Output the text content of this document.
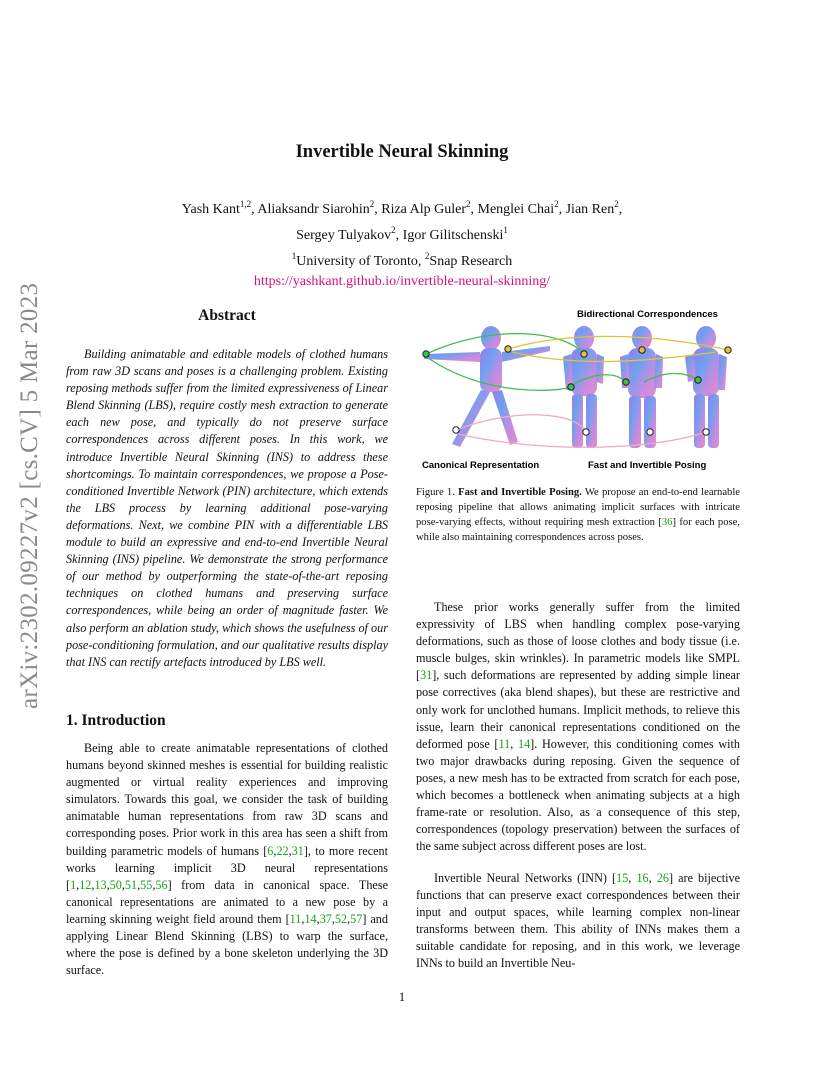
arXiv:2302.09227v2 [cs.CV] 5 Mar 2023
Invertible Neural Skinning
Yash Kant$^{1,2}$, Aliaksandr Siarohin$^2$, Riza Alp Guler$^2$, Menglei Chai$^2$, Jian Ren$^2$,
Sergey Tulyakov$^2$, Igor Gilitschenski$^1$
$^1$University of Toronto, $^2$Snap Research
https://yashkant.github.io/invertible-neural-skinning/
Abstract
Building animatable and editable models of clothed humans from raw 3D scans and poses is a challenging problem. Existing reposing methods suffer from the limited expressiveness of Linear Blend Skinning (LBS), require costly mesh extraction to generate each new pose, and typically do not preserve surface correspondences across different poses. In this work, we introduce Invertible Neural Skinning (INS) to address these shortcomings. To maintain correspondences, we propose a Pose-conditioned Invertible Network (PIN) architecture, which extends the LBS process by learning additional pose-varying deformations. Next, we combine PIN with a differentiable LBS module to build an expressive and end-to-end Invertible Neural Skinning (INS) pipeline. We demonstrate the strong performance of our method by outperforming the state-of-the-art reposing techniques on clothed humans and preserving surface correspondences, while being an order of magnitude faster. We also perform an ablation study, which shows the usefulness of our pose-conditioning formulation, and our qualitative results display that INS can rectify artefacts introduced by LBS well.
1. Introduction
Being able to create animatable representations of clothed humans beyond skinned meshes is essential for building realistic augmented or virtual reality experiences and improving simulators. Towards this goal, we consider the task of building animatable human representations from raw 3D scans and corresponding poses. Prior work in this area has seen a shift from building parametric models of humans [6,22,31], to more recent works learning implicit 3D neural representations [1,12,13,50,51,55,56] from data in canonical space. These canonical representations are animated to a new pose by a learning skinning weight field around them [11,14,37,52,57] and applying Linear Blend Skinning (LBS) to warp the surface, where the pose is defined by a bone skeleton underlying the 3D surface.
Bidirectional Correspondences
Canonical Representation	Fast and Invertible Posing
Figure 1. Fast and Invertible Posing. We propose an end-to-end learnable reposing pipeline that allows animating implicit surfaces with intricate pose-varying effects, without requiring mesh extraction [36] for each pose, while also maintaining correspondences across poses.
These prior works generally suffer from the limited expressivity of LBS when handling complex pose-varying deformations, such as those of loose clothes and body tissue (i.e. muscle bulges, skin wrinkles). In parametric models like SMPL [31], such deformations are represented by adding simple linear pose correctives (aka blend shapes), but these are restrictive and only work for unclothed humans. Implicit methods, to relieve this issue, learn their canonical representations conditioned on the deformed pose [11, 14]. However, this conditioning comes with two major drawbacks during reposing. Given the sequence of poses, a new mesh has to be extracted from scratch for each pose, which becomes a bottleneck when animating subjects at a high frame-rate or resolution. Also, as a consequence of this step, correspondences (topology preservation) between the surfaces of the same subject across different poses are lost.
Invertible Neural Networks (INN) [15, 16, 26] are bijective functions that can preserve exact correspondences between their input and output spaces, while learning complex non-linear transforms between them. This ability of INNs makes them a suitable candidate for reposing, and in this work, we leverage INNs to build an Invertible Neu-
1
